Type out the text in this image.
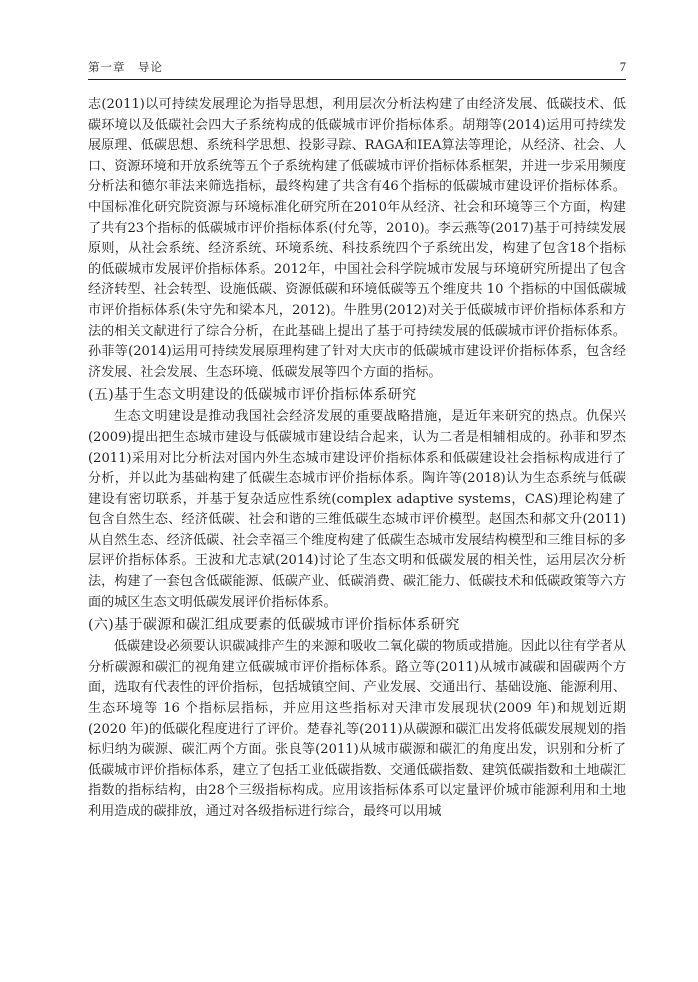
第一章　导论	7

志(2011)以可持续发展理论为指导思想，利用层次分析法构建了由经济发展、低碳技术、低碳环境以及低碳社会四大子系统构成的低碳城市评价指标体系。胡翔等(2014)运用可持续发展原理、低碳思想、系统科学思想、投影寻踪、RAGA和IEA算法等理论，从经济、社会、人口、资源环境和开放系统等五个子系统构建了低碳城市评价指标体系框架，并进一步采用频度分析法和德尔菲法来筛选指标，最终构建了共含有46个指标的低碳城市建设评价指标体系。中国标准化研究院资源与环境标准化研究所在2010年从经济、社会和环境等三个方面，构建了共有23个指标的低碳城市评价指标体系(付允等，2010)。李云燕等(2017)基于可持续发展原则，从社会系统、经济系统、环境系统、科技系统四个子系统出发，构建了包含18个指标的低碳城市发展评价指标体系。2012年，中国社会科学院城市发展与环境研究所提出了包含经济转型、社会转型、设施低碳、资源低碳和环境低碳等五个维度共 10 个指标的中国低碳城市评价指标体系(朱守先和梁本凡，2012)。牛胜男(2012)对关于低碳城市评价指标体系和方法的相关文献进行了综合分析，在此基础上提出了基于可持续发展的低碳城市评价指标体系。孙菲等(2014)运用可持续发展原理构建了针对大庆市的低碳城市建设评价指标体系，包含经济发展、社会发展、生态环境、低碳发展等四个方面的指标。

(五)基于生态文明建设的低碳城市评价指标体系研究

生态文明建设是推动我国社会经济发展的重要战略措施，是近年来研究的热点。仇保兴(2009)提出把生态城市建设与低碳城市建设结合起来，认为二者是相辅相成的。孙菲和罗杰(2011)采用对比分析法对国内外生态城市建设评价指标体系和低碳建设社会指标构成进行了分析，并以此为基础构建了低碳生态城市评价指标体系。陶许等(2018)认为生态系统与低碳建设有密切联系，并基于复杂适应性系统(complex adaptive systems，CAS)理论构建了包含自然生态、经济低碳、社会和谐的三维低碳生态城市评价模型。赵国杰和郝文升(2011)从自然生态、经济低碳、社会幸福三个维度构建了低碳生态城市发展结构模型和三维目标的多层评价指标体系。王波和尤志斌(2014)讨论了生态文明和低碳发展的相关性，运用层次分析法，构建了一套包含低碳能源、低碳产业、低碳消费、碳汇能力、低碳技术和低碳政策等六方面的城区生态文明低碳发展评价指标体系。

(六)基于碳源和碳汇组成要素的低碳城市评价指标体系研究

低碳建设必须要认识碳减排产生的来源和吸收二氧化碳的物质或措施。因此以往有学者从分析碳源和碳汇的视角建立低碳城市评价指标体系。路立等(2011)从城市减碳和固碳两个方面，选取有代表性的评价指标，包括城镇空间、产业发展、交通出行、基础设施、能源利用、生态环境等 16 个指标层指标，并应用这些指标对天津市发展现状(2009 年)和规划近期(2020 年)的低碳化程度进行了评价。楚春礼等(2011)从碳源和碳汇出发将低碳发展规划的指标归纳为碳源、碳汇两个方面。张良等(2011)从城市碳源和碳汇的角度出发，识别和分析了低碳城市评价指标体系，建立了包括工业低碳指数、交通低碳指数、建筑低碳指数和土地碳汇指数的指标结构，由28个三级指标构成。应用该指标体系可以定量评价城市能源利用和土地利用造成的碳排放，通过对各级指标进行综合，最终可以用城
